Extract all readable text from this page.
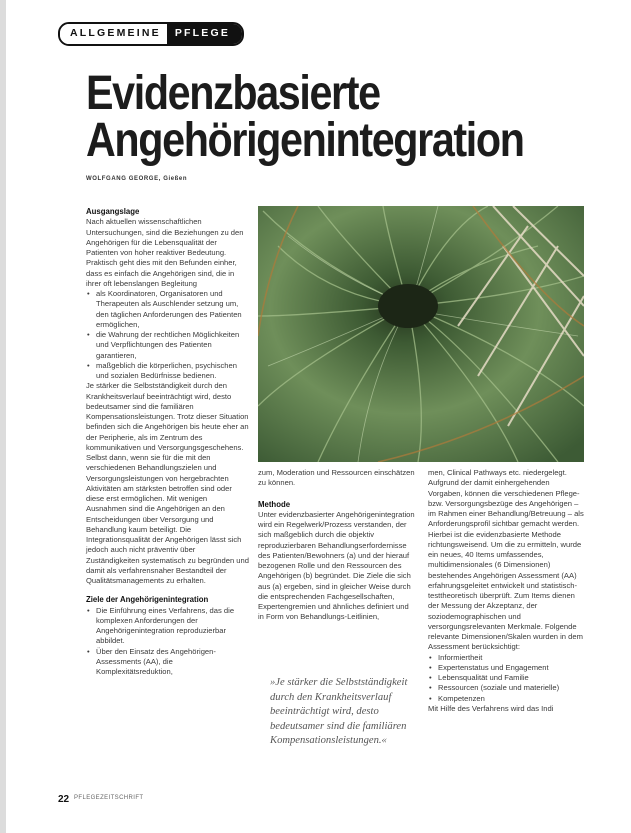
ALLGEMEINE	PFLEGE
Evidenzbasierte
Angehörigenintegration
WOLFGANG GEORGE, Gießen
Ausgangslage

Nach aktuellen wissenschaftlichen Untersuchungen, sind die Beziehungen zu den Angehörigen für die Lebensqualität der Patienten von hoher reaktiver Bedeutung. Praktisch geht dies mit den Befunden einher, dass es einfach die Angehörigen sind, die in ihrer oft lebenslangen Begleitung

• als Koordinatoren, Organisatoren und Therapeuten als Auschlender setzung um, den täglichen Anforderungen des Patienten ermöglichen,
• die Wahrung der rechtlichen Möglichkeiten und Verpflichtungen des Patienten garantieren,
• maßgeblich die körperlichen, psychischen und sozialen Bedürfnisse bedienen.

Je stärker die Selbstständigkeit durch den Krankheitsverlauf beeinträchtigt wird, desto bedeutsamer sind die familiären Kompensationsleistungen. Trotz dieser Situation befinden sich die Angehörigen bis heute eher an der Peripherie, als im Zentrum des kommunikativen und Versorgungsgeschehens. Selbst dann, wenn sie für die mit den verschiedenen Behandlungszielen und Versorgungsleistungen von hergebrachten Aktivitäten am stärksten betroffen sind oder diese erst ermöglichen. Mit wenigen Ausnahmen sind die Angehörigen an den Entscheidungen über Versorgung und Behandlung kaum beteiligt. Die Integrationsqualität der Angehörigen lässt sich jedoch auch nicht präventiv über Zuständigkeiten systematisch zu begründen und damit als verfahrensnaher Bestandteil der Qualitätsmanagements zu erhalten.

Ziele der Angehörigenintegration
• Die Einführung eines Verfahrens, das die komplexen Anforderungen der Angehörigenintegration reproduzierbar abbildet.
• Über den Einsatz des Angehörigen-Assessments (AA), die Komplexitätsreduktion,

zum, Moderation und Ressourcen einschätzen zu können.

Methode

Unter evidenzbasierter Angehörigenintegration wird ein Regelwerk/Prozess verstanden, der sich maßgeblich durch die objektiv reproduzierbaren Behandlungserfordernisse des Patienten/Bewohners (a) und der hierauf bezogenen Rolle und den Ressourcen des Angehörigen (b) begründet. Die Ziele die sich aus (a) ergeben, sind in gleicher Weise durch die entsprechenden Fachgesellschaften, Expertengremien und ähnliches definiert und in Form von Behandlungs-Leitlinien,

»Je stärker die Selbstständigkeit durch den Krankheitsverlauf beeinträchtigt wird, desto bedeutsamer sind die familiären Kompensationsleistungen.«

men, Clinical Pathways etc. niedergelegt. Aufgrund der damit einhergehenden Vorgaben, können die verschiedenen Pflege- bzw. Versorgungsbezüge des Angehörigen – im Rahmen einer Behandlung/Betreuung – als Anforderungsprofil sichtbar gemacht werden. Hierbei ist die evidenzbasierte Methode richtungsweisend. Um die zu ermitteln, wurde ein neues, 40 Items umfassendes, multidimensionales (6 Dimensionen) bestehendes Angehörigen Assessment (AA) erfahrungsgeleitet entwickelt und statistisch-testtheoretisch überprüft. Zum Items dienen der Messung der Akzeptanz, der soziodemographischen und versorgungsrelevanten Merkmale. Folgende relevante Dimensionen/Skalen wurden in dem Assessment berücksichtigt:

• Informiertheit
• Expertenstatus und Engagement
• Lebensqualität und Familie
• Ressourcen (soziale und materielle)
• Kompetenzen

Mit Hilfe des Verfahrens wird das Indi

22 PFLEGEZEITSCHRIFT
